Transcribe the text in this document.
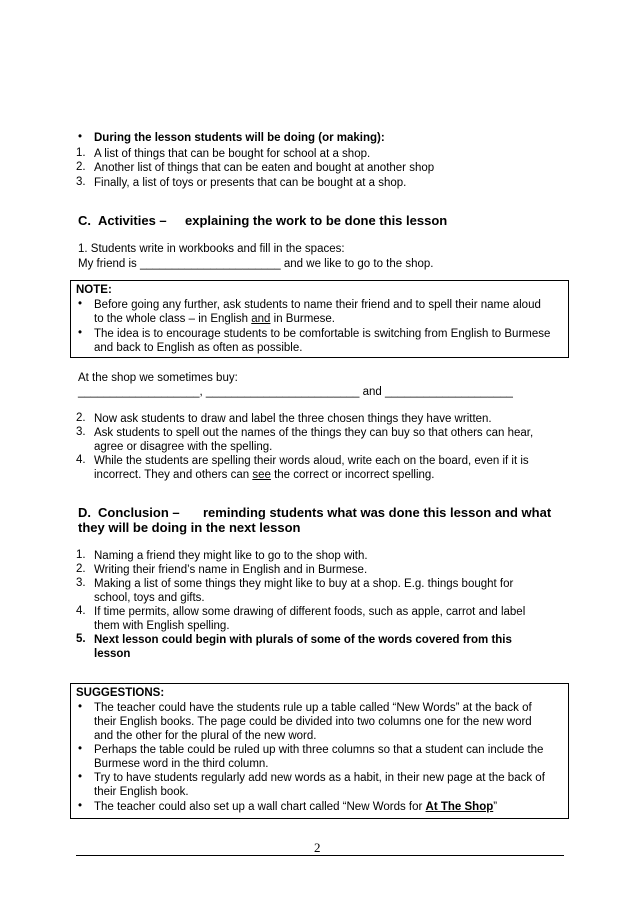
• During the lesson students will be doing (or making):
1. A list of things that can be bought for school at a shop.
2. Another list of things that can be eaten and bought at another shop
3. Finally, a list of toys or presents that can be bought at a shop.
C. Activities – explaining the work to be done this lesson
1. Students write in workbooks and fill in the spaces:
My friend is ______________________ and we like to go to the shop.
NOTE:
• Before going any further, ask students to name their friend and to spell their name aloud
to the whole class – in English and in Burmese.
• The idea is to encourage students to be comfortable is switching from English to Burmese
and back to English as often as possible.
At the shop we sometimes buy:
___________________, ________________________ and ____________________
2. Now ask students to draw and label the three chosen things they have written.
3. Ask students to spell out the names of the things they can buy so that others can hear,
agree or disagree with the spelling.
4. While the students are spelling their words aloud, write each on the board, even if it is
incorrect. They and others can see the correct or incorrect spelling.
D. Conclusion – reminding students what was done this lesson and what
they will be doing in the next lesson
1. Naming a friend they might like to go to the shop with.
2. Writing their friend’s name in English and in Burmese.
3. Making a list of some things they might like to buy at a shop. E.g. things bought for
school, toys and gifts.
4. If time permits, allow some drawing of different foods, such as apple, carrot and label
them with English spelling.
5. Next lesson could begin with plurals of some of the words covered from this
lesson
SUGGESTIONS:
• The teacher could have the students rule up a table called “New Words” at the back of
their English books. The page could be divided into two columns one for the new word
and the other for the plural of the new word.
• Perhaps the table could be ruled up with three columns so that a student can include the
Burmese word in the third column.
• Try to have students regularly add new words as a habit, in their new page at the back of
their English book.
• The teacher could also set up a wall chart called “New Words for At The Shop”
2
